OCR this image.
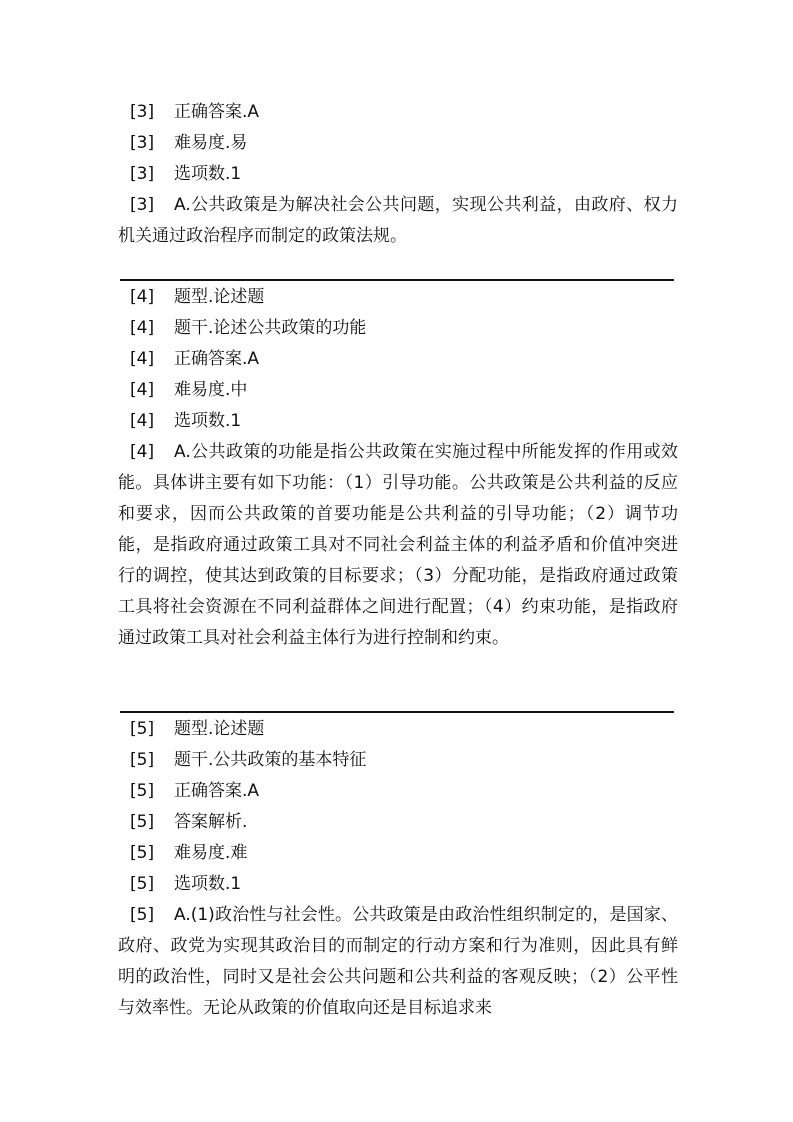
[3] 正确答案.A
[3] 难易度.易
[3] 选项数.1

[3] A.公共政策是为解决社会公共问题，实现公共利益，由政府、权力机关通过政治程序而制定的政策法规。

[4] 题型.论述题
[4] 题干.论述公共政策的功能
[4] 正确答案.A
[4] 难易度.中
[4] 选项数.1

[4] A.公共政策的功能是指公共政策在实施过程中所能发挥的作用或效能。具体讲主要有如下功能：（1）引导功能。公共政策是公共利益的反应和要求，因而公共政策的首要功能是公共利益的引导功能；（2）调节功能，是指政府通过政策工具对不同社会利益主体的利益矛盾和价值冲突进行的调控，使其达到政策的目标要求；（3）分配功能，是指政府通过政策工具将社会资源在不同利益群体之间进行配置；（4）约束功能，是指政府通过政策工具对社会利益主体行为进行控制和约束。

[5] 题型.论述题
[5] 题干.公共政策的基本特征
[5] 正确答案.A
[5] 答案解析.
[5] 难易度.难
[5] 选项数.1

[5] A.(1)政治性与社会性。公共政策是由政治性组织制定的，是国家、政府、政党为实现其政治目的而制定的行动方案和行为准则，因此具有鲜明的政治性，同时又是社会公共问题和公共利益的客观反映；（2）公平性与效率性。无论从政策的价值取向还是目标追求来
